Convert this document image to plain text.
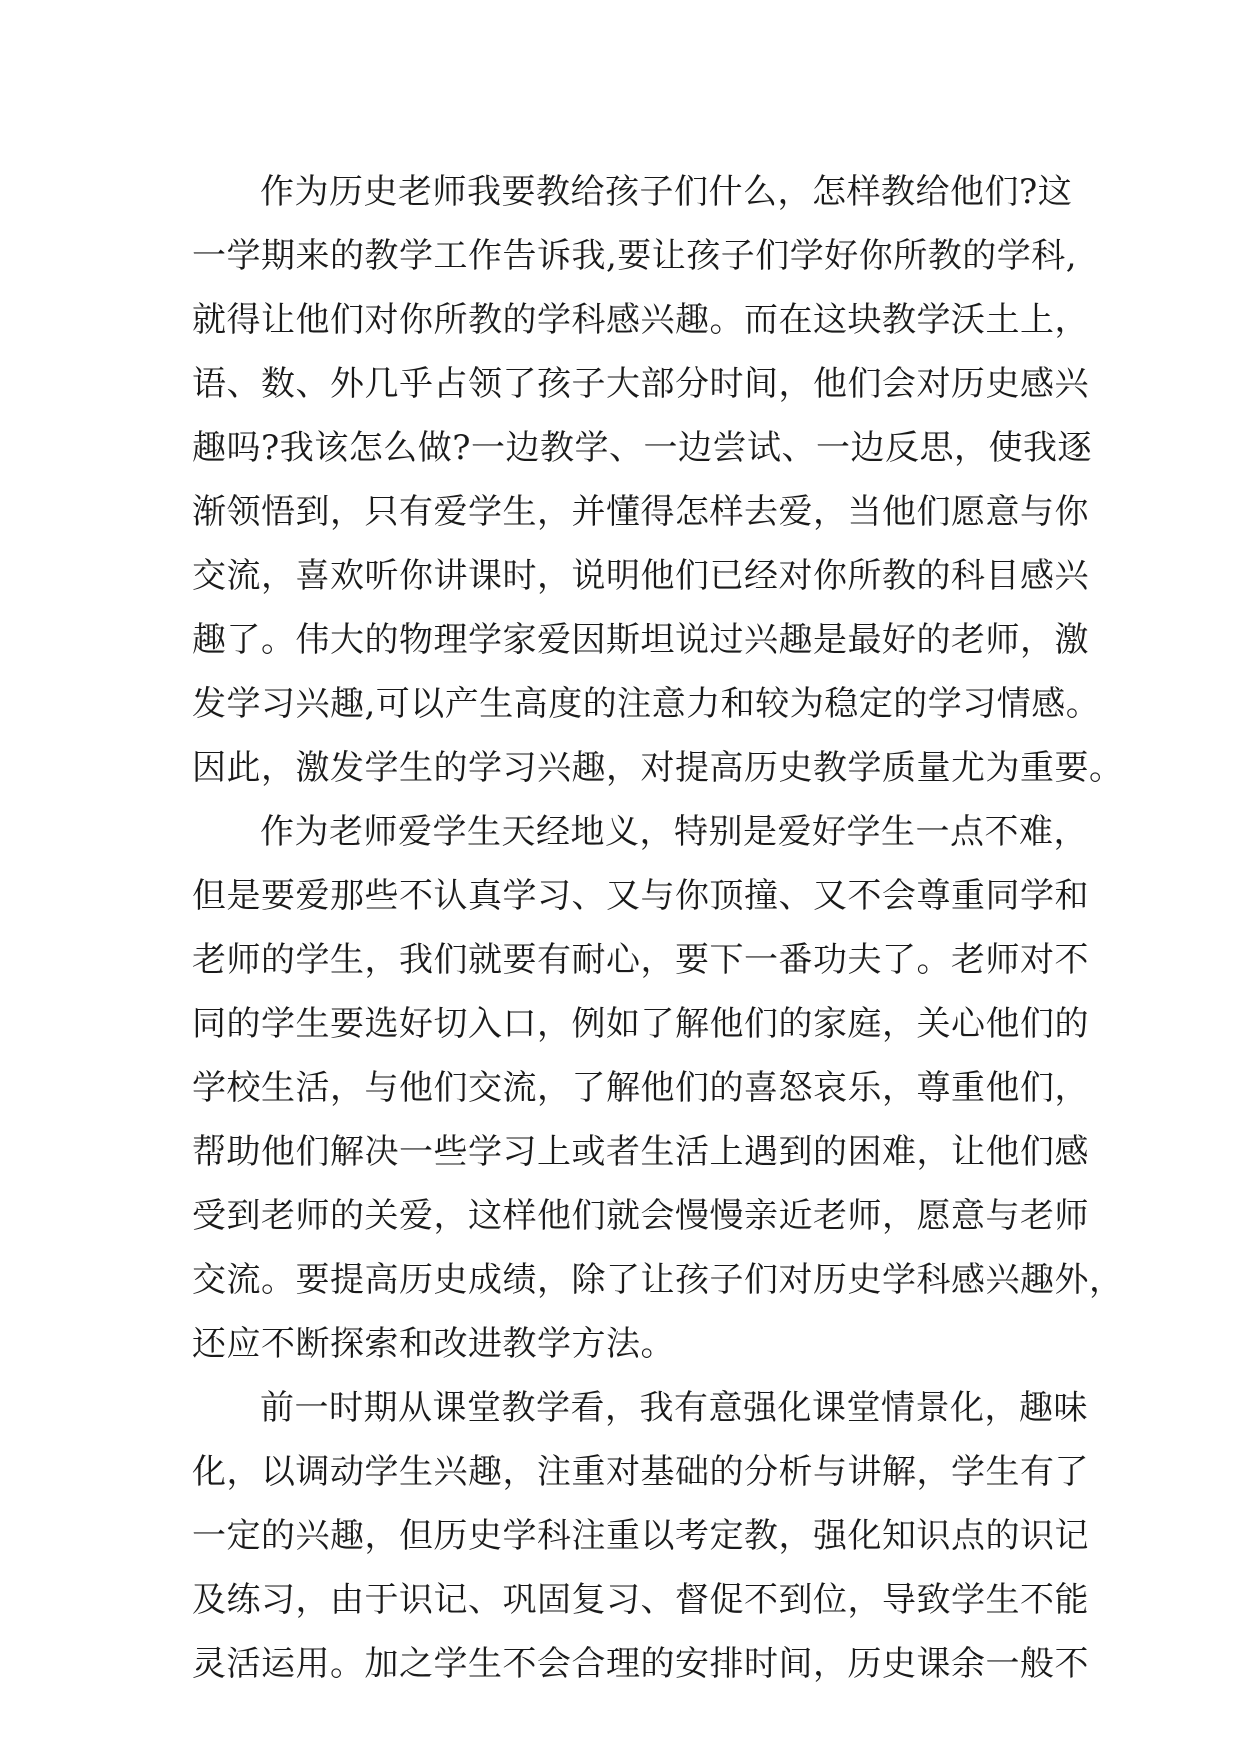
作为历史老师我要教给孩子们什么，怎样教给他们?这
一学期来的教学工作告诉我,要让孩子们学好你所教的学科,
就得让他们对你所教的学科感兴趣。而在这块教学沃土上，
语、数、外几乎占领了孩子大部分时间，他们会对历史感兴
趣吗?我该怎么做?一边教学、一边尝试、一边反思，使我逐
渐领悟到，只有爱学生，并懂得怎样去爱，当他们愿意与你
交流，喜欢听你讲课时，说明他们已经对你所教的科目感兴
趣了。伟大的物理学家爱因斯坦说过兴趣是最好的老师，激
发学习兴趣,可以产生高度的注意力和较为稳定的学习情感。
因此，激发学生的学习兴趣，对提高历史教学质量尤为重要。
作为老师爱学生天经地义，特别是爱好学生一点不难，
但是要爱那些不认真学习、又与你顶撞、又不会尊重同学和
老师的学生，我们就要有耐心，要下一番功夫了。老师对不
同的学生要选好切入口，例如了解他们的家庭，关心他们的
学校生活，与他们交流，了解他们的喜怒哀乐，尊重他们，
帮助他们解决一些学习上或者生活上遇到的困难，让他们感
受到老师的关爱，这样他们就会慢慢亲近老师，愿意与老师
交流。要提高历史成绩，除了让孩子们对历史学科感兴趣外，
还应不断探索和改进教学方法。
前一时期从课堂教学看，我有意强化课堂情景化，趣味
化，以调动学生兴趣，注重对基础的分析与讲解，学生有了
一定的兴趣，但历史学科注重以考定教，强化知识点的识记
及练习，由于识记、巩固复习、督促不到位，导致学生不能
灵活运用。加之学生不会合理的安排时间，历史课余一般不
